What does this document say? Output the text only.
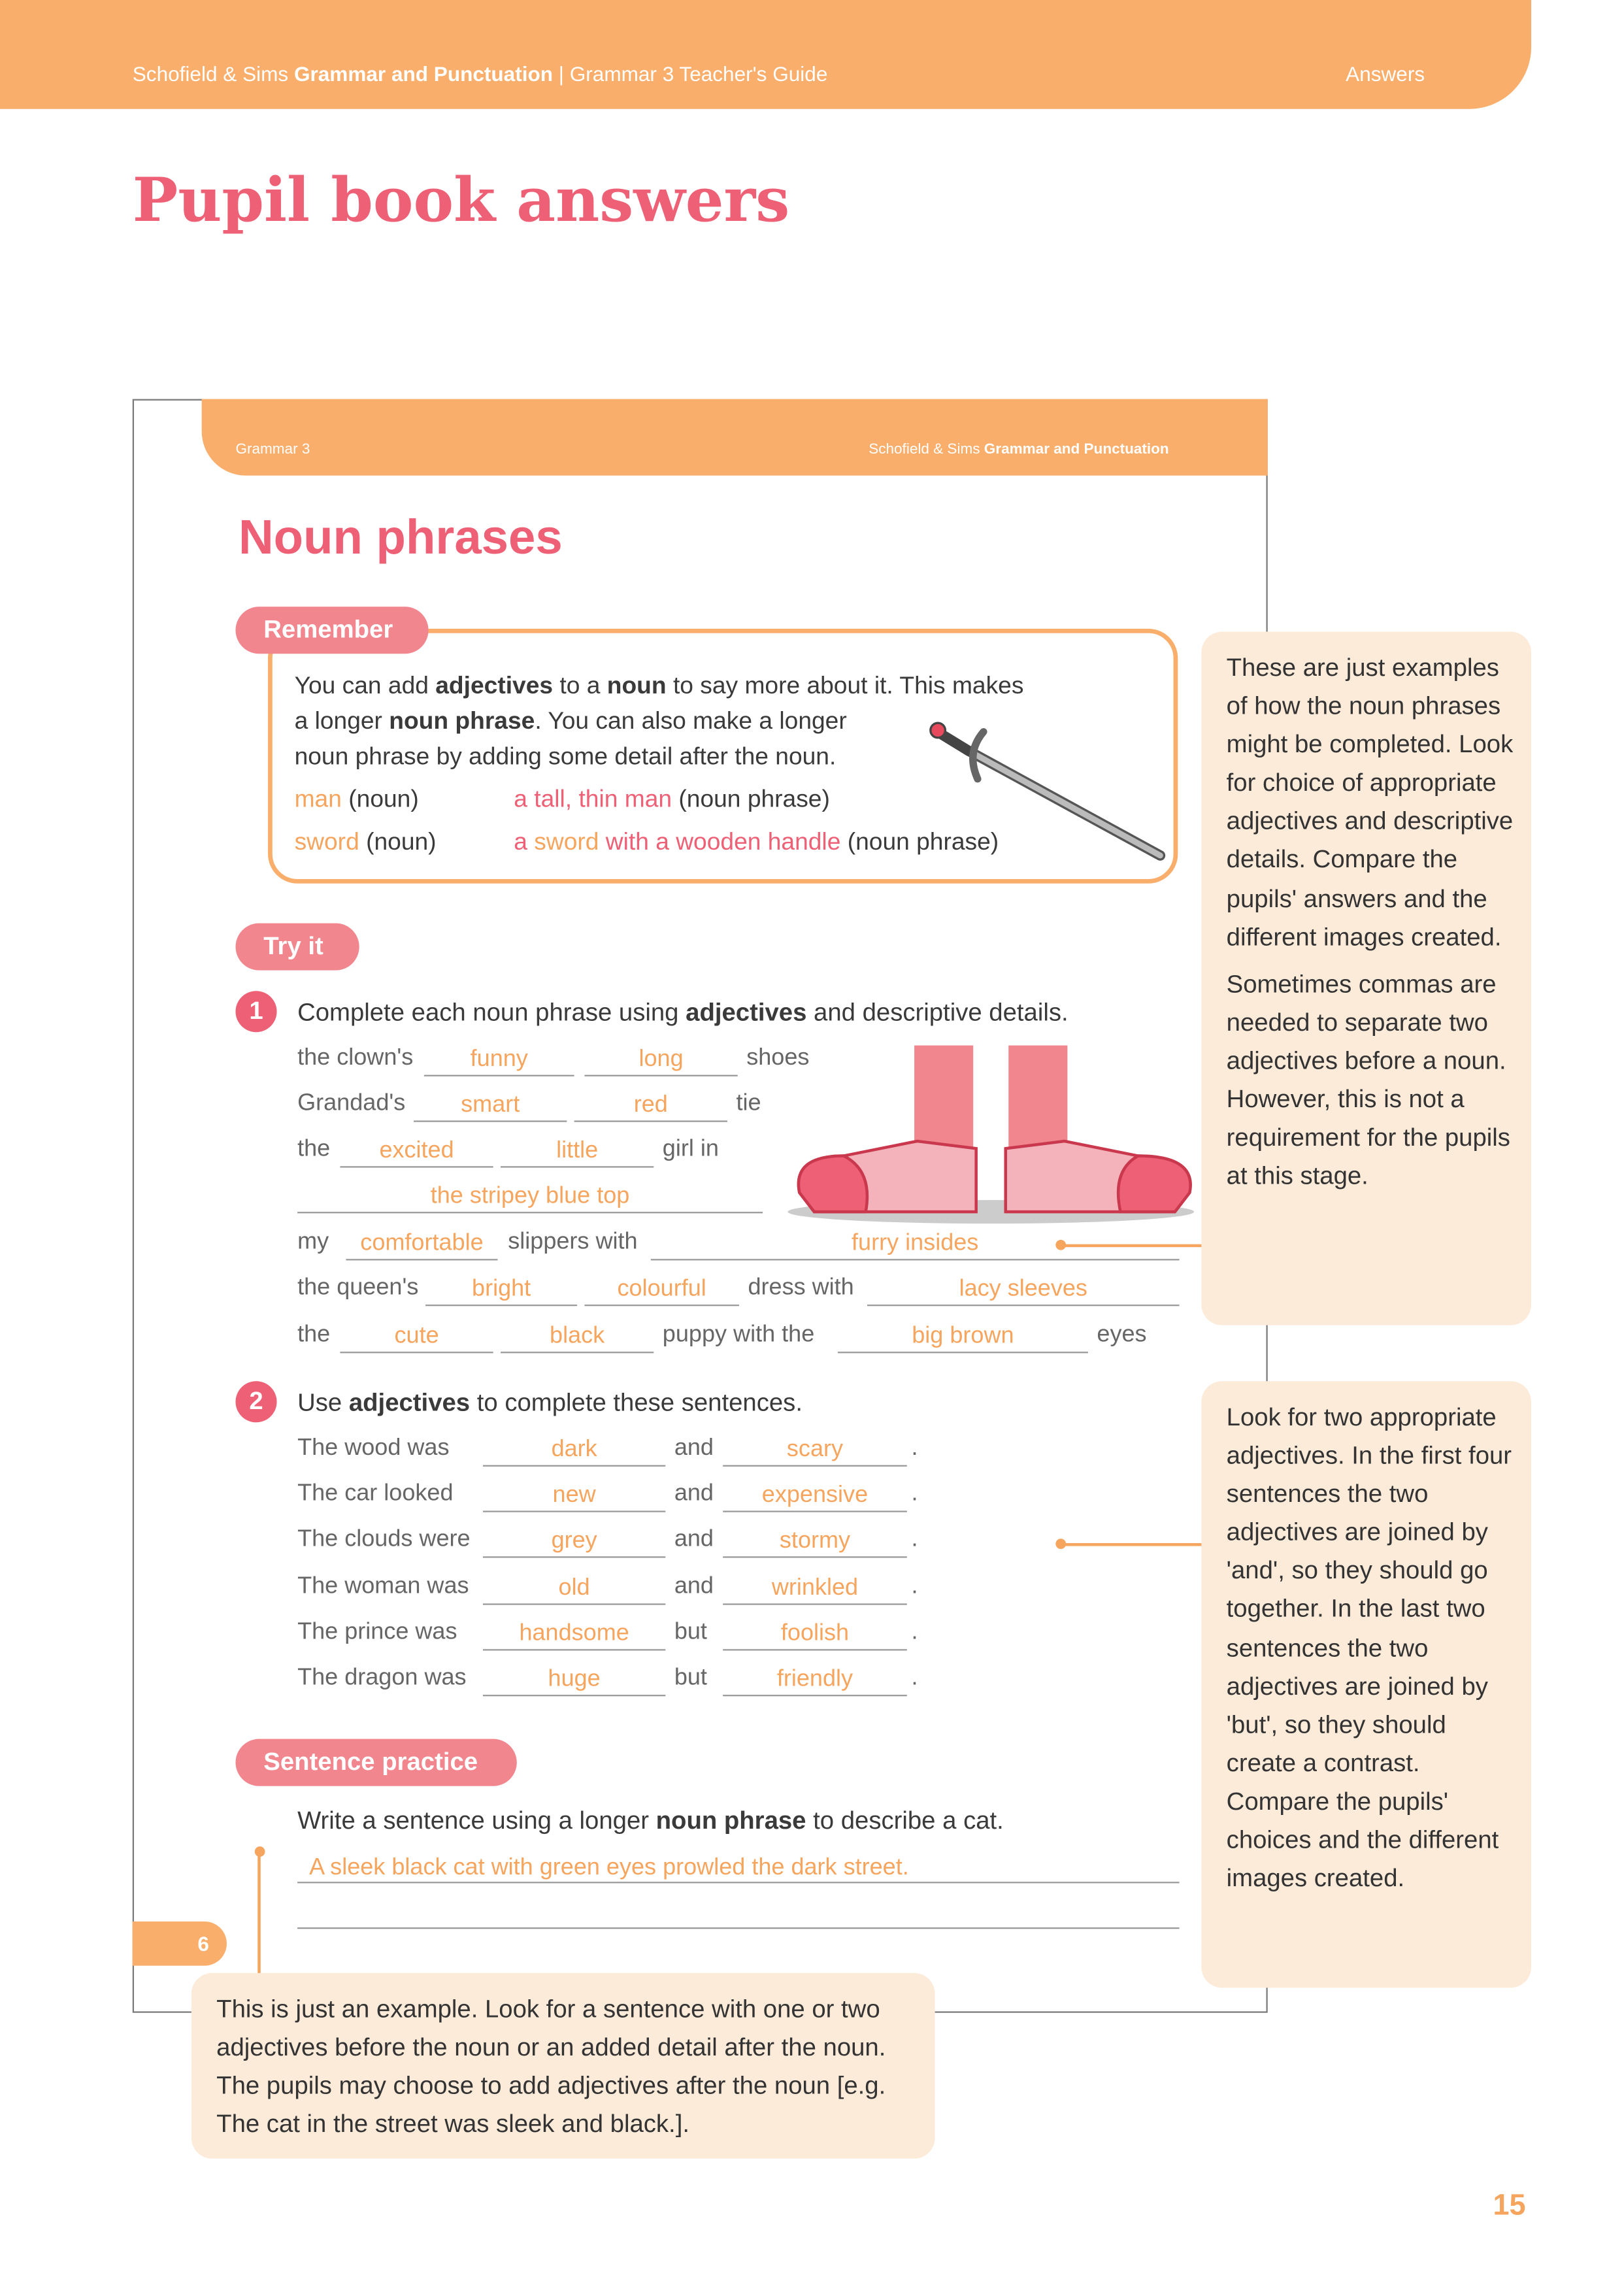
Schofield & Sims Grammar and Punctuation | Grammar 3 Teacher's Guide	Answers
Pupil book answers
Grammar 3	Schofield & Sims Grammar and Punctuation
Noun phrases
Remember
You can add adjectives to a noun to say more about it. This makes
a longer noun phrase. You can also make a longer
noun phrase by adding some detail after the noun.
man (noun)	a tall, thin man (noun phrase)
sword (noun)	a sword with a wooden handle (noun phrase)
Try it
1	Complete each noun phrase using adjectives and descriptive details.
the clown's	funny	long	shoes
Grandad's	smart	red	tie
the	excited	little	girl in
the stripey blue top
my	comfortable	slippers with	furry insides
the queen's	bright	colourful	dress with	lacy sleeves
the	cute	black	puppy with the	big brown	eyes
2	Use adjectives to complete these sentences.
The wood was	dark	and	scary	.
The car looked	new	and	expensive	.
The clouds were	grey	and	stormy	.
The woman was	old	and	wrinkled	.
The prince was	handsome	but	foolish	.
The dragon was	huge	but	friendly	.
Sentence practice
Write a sentence using a longer noun phrase to describe a cat.
A sleek black cat with green eyes prowled the dark street.
6
These are just examples of how the noun phrases might be completed. Look for choice of appropriate adjectives and descriptive details. Compare the pupils' answers and the different images created.
Sometimes commas are needed to separate two adjectives before a noun. However, this is not a requirement for the pupils at this stage.
Look for two appropriate adjectives. In the first four sentences the two adjectives are joined by 'and', so they should go together. In the last two sentences the two adjectives are joined by 'but', so they should create a contrast. Compare the pupils' choices and the different images created.
This is just an example. Look for a sentence with one or two adjectives before the noun or an added detail after the noun. The pupils may choose to add adjectives after the noun [e.g. The cat in the street was sleek and black.].
15
